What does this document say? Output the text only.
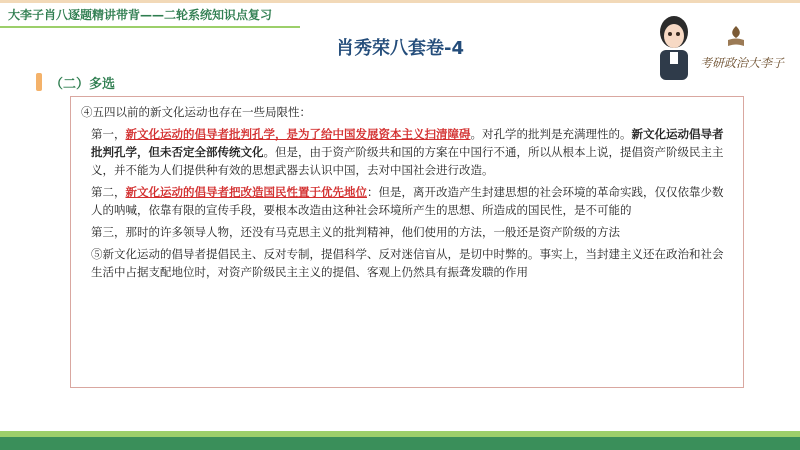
大李子肖八逐题精讲带背——二轮系统知识点复习
肖秀荣八套卷-4
（二）多选
考研政治大李子

④五四以前的新文化运动也存在一些局限性：

第一，新文化运动的倡导者批判孔学，是为了给中国发展资本主义扫清障碍。对孔学的批判是充满理性的。新文化运动倡导者批判孔学，但未否定全部传统文化。但是，由于资产阶级共和国的方案在中国行不通，所以从根本上说，提倡资产阶级民主主义，并不能为人们提供种有效的思想武器去认识中国，去对中国社会进行改造。

第二，新文化运动的倡导者把改造国民性置于优先地位：但是，离开改造产生封建思想的社会环境的革命实践，仅仅依靠少数人的呐喊，依靠有限的宣传手段，要根本改造由这种社会环境所产生的思想、所造成的国民性，是不可能的

第三，那时的许多领导人物，还没有马克思主义的批判精神，他们使用的方法，一般还是资产阶级的方法

⑤新文化运动的倡导者提倡民主、反对专制，提倡科学、反对迷信盲从，是切中时弊的。事实上，当封建主义还在政治和社会生活中占据支配地位时，对资产阶级民主主义的提倡、客观上仍然具有振聋发聩的作用
